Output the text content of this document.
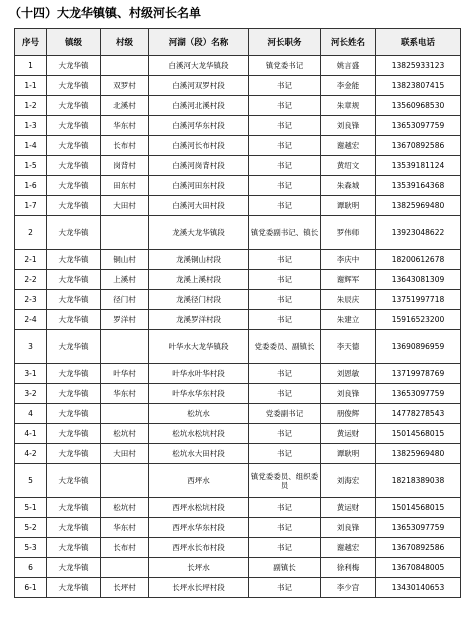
（十四）大龙华镇镇、村级河长名单
序号	镇级	村级	河湖（段）名称	河长职务	河长姓名	联系电话
1	大龙华镇		白溪河大龙华镇段	镇党委书记	姚言盛	13825933123
1-1	大龙华镇	双罗村	白溪河双罗村段	书记	李金能	13823807415
1-2	大龙华镇	北溪村	白溪河北溪村段	书记	朱章规	13560968530
1-3	大龙华镇	华东村	白溪河华东村段	书记	刘良锋	13653097759
1-4	大龙华镇	长布村	白溪河长布村段	书记	谢越宏	13670892586
1-5	大龙华镇	岗背村	白溪河岗背村段	书记	黄绍文	13539181124
1-6	大龙华镇	田东村	白溪河田东村段	书记	朱森城	13539164368
1-7	大龙华镇	大田村	白溪河大田村段	书记	谭耿明	13825969480
2	大龙华镇		龙溪大龙华镇段	镇党委副书记、镇长	罗伟师	13923048622
2-1	大龙华镇	铜山村	龙溪铜山村段	书记	李庆中	18200612678
2-2	大龙华镇	上溪村	龙溪上溪村段	书记	谢辉军	13643081309
2-3	大龙华镇	径门村	龙溪径门村段	书记	朱辰庆	13751997718
2-4	大龙华镇	罗洋村	龙溪罗洋村段	书记	朱建立	15916523200
3	大龙华镇		叶华水大龙华镇段	党委委员、副镇长	李天德	13690896959
3-1	大龙华镇	叶华村	叶华水叶华村段	书记	刘恩敏	13719978769
3-2	大龙华镇	华东村	叶华水华东村段	书记	刘良锋	13653097759
4	大龙华镇		松坑水	党委副书记	朋俊辉	14778278543
4-1	大龙华镇	松坑村	松坑水松坑村段	书记	黄运财	15014568015
4-2	大龙华镇	大田村	松坑水大田村段	书记	谭耿明	13825969480
5	大龙华镇		西坪水	镇党委委员、组织委员	刘海宏	18218389038
5-1	大龙华镇	松坑村	西坪水松坑村段	书记	黄运财	15014568015
5-2	大龙华镇	华东村	西坪水华东村段	书记	刘良锋	13653097759
5-3	大龙华镇	长布村	西坪水长布村段	书记	谢越宏	13670892586
6	大龙华镇		长坪水	副镇长	徐利梅	13670848005
6-1	大龙华镇	长坪村	长坪水长坪村段	书记	李少宫	13430140653
